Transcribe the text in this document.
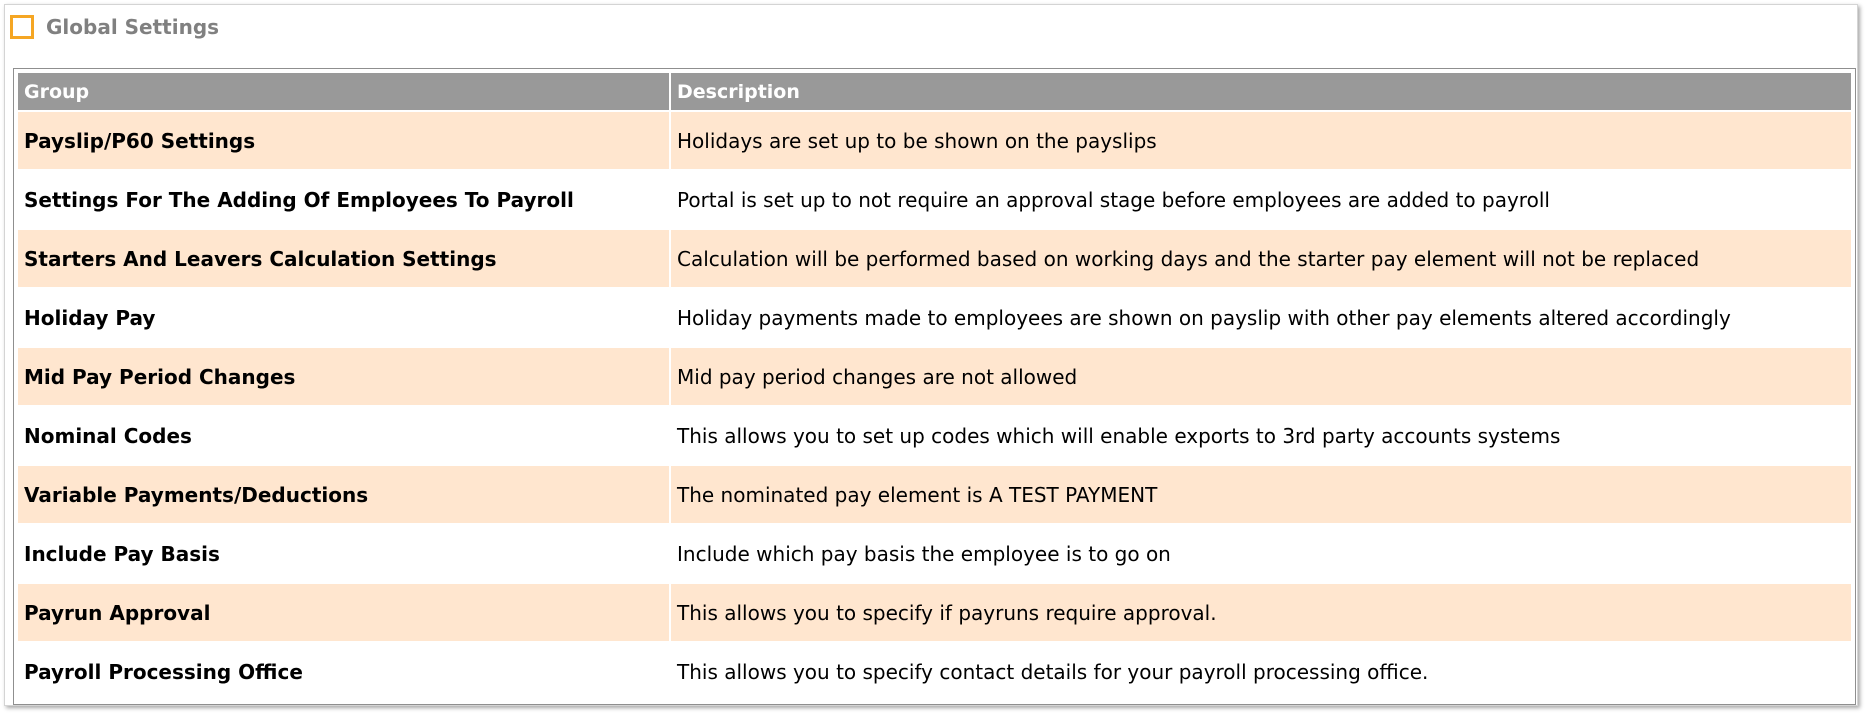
Global Settings
Group	Description
Payslip/P60 Settings	Holidays are set up to be shown on the payslips
Settings For The Adding Of Employees To Payroll	Portal is set up to not require an approval stage before employees are added to payroll
Starters And Leavers Calculation Settings	Calculation will be performed based on working days and the starter pay element will not be replaced
Holiday Pay	Holiday payments made to employees are shown on payslip with other pay elements altered accordingly
Mid Pay Period Changes	Mid pay period changes are not allowed
Nominal Codes	This allows you to set up codes which will enable exports to 3rd party accounts systems
Variable Payments/Deductions	The nominated pay element is A TEST PAYMENT
Include Pay Basis	Include which pay basis the employee is to go on
Payrun Approval	This allows you to specify if payruns require approval.
Payroll Processing Office	This allows you to specify contact details for your payroll processing office.
